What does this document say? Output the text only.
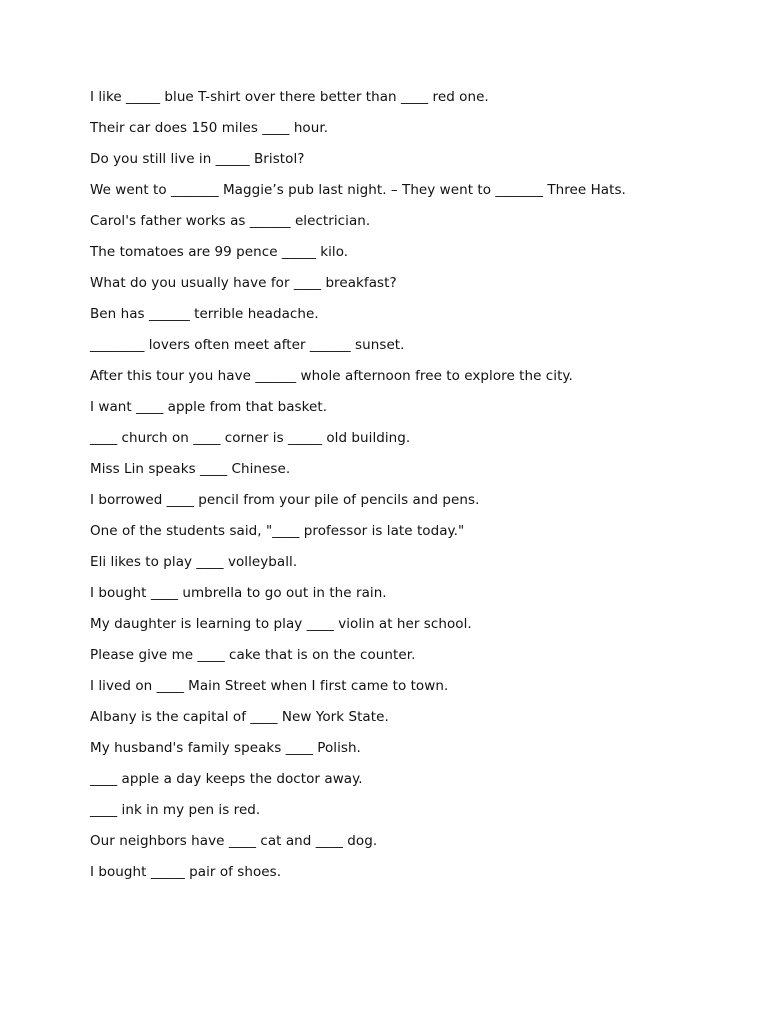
I like _____ blue T-shirt over there better than ____ red one.
Their car does 150 miles ____ hour.
Do you still live in _____ Bristol?
We went to _______ Maggie’s pub last night. – They went to _______ Three Hats.
Carol's father works as ______ electrician.
The tomatoes are 99 pence _____ kilo.
What do you usually have for ____ breakfast?
Ben has ______ terrible headache.
________ lovers often meet after ______ sunset.
After this tour you have ______ whole afternoon free to explore the city.
I want ____ apple from that basket.
____ church on ____ corner is _____ old building.
Miss Lin speaks ____ Chinese.
I borrowed ____ pencil from your pile of pencils and pens.
One of the students said, "____ professor is late today."
Eli likes to play ____ volleyball.
I bought ____ umbrella to go out in the rain.
My daughter is learning to play ____ violin at her school.
Please give me ____ cake that is on the counter.
I lived on ____ Main Street when I first came to town.
Albany is the capital of ____ New York State.
My husband's family speaks ____ Polish.
____ apple a day keeps the doctor away.
____ ink in my pen is red.
Our neighbors have ____ cat and ____ dog.
I bought _____ pair of shoes.
